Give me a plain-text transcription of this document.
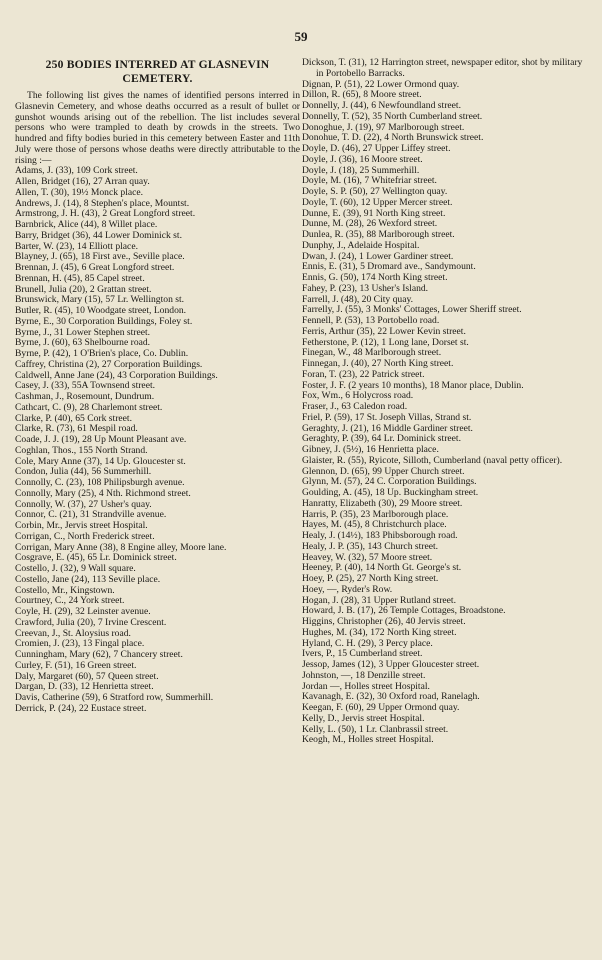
59
250 BODIES INTERRED AT GLASNEVIN CEMETERY.
The following list gives the names of identified persons interred in Glasnevin Cemetery, and whose deaths occurred as a result of bullet or gunshot wounds arising out of the rebellion. The list includes several persons who were trampled to death by crowds in the streets. Two hundred and fifty bodies buried in this cemetery between Easter and 11th July were those of persons whose deaths were directly attributable to the rising :—
Adams, J. (33), 109 Cork street.
Allen, Bridget (16), 27 Arran quay.
Allen, T. (30), 19½ Monck place.
Andrews, J. (14), 8 Stephen's place, Mountst.
Armstrong, J. H. (43), 2 Great Longford street.
Barnbrick, Alice (44), 8 Willet place.
Barry, Bridget (36), 44 Lower Dominick st.
Barter, W. (23), 14 Elliott place.
Blayney, J. (65), 18 First ave., Seville place.
Brennan, J. (45), 6 Great Longford street.
Brennan, H. (45), 85 Capel street.
Brunell, Julia (20), 2 Grattan street.
Brunswick, Mary (15), 57 Lr. Wellington st.
Butler, R. (45), 10 Woodgate street, London.
Byrne, E., 30 Corporation Buildings, Foley st.
Byrne, J., 31 Lower Stephen street.
Byrne, J. (60), 63 Shelbourne road.
Byrne, P. (42), 1 O'Brien's place, Co. Dublin.
Caffrey, Christina (2), 27 Corporation Buildings.
Caldwell, Anne Jane (24), 43 Corporation Buildings.
Casey, J. (33), 55A Townsend street.
Cashman, J., Rosemount, Dundrum.
Cathcart, C. (9), 28 Charlemont street.
Clarke, P. (40), 65 Cork street.
Clarke, R. (73), 61 Mespil road.
Coade, J. J. (19), 28 Up Mount Pleasant ave.
Coghlan, Thos., 155 North Strand.
Cole, Mary Anne (37), 14 Up. Gloucester st.
Condon, Julia (44), 56 Summerhill.
Connolly, C. (23), 108 Philipsburgh avenue.
Connolly, Mary (25), 4 Nth. Richmond street.
Connolly, W. (37), 27 Usher's quay.
Connor, C. (21), 31 Strandville avenue.
Corbin, Mr., Jervis street Hospital.
Corrigan, C., North Frederick street.
Corrigan, Mary Anne (38), 8 Engine alley, Moore lane.
Cosgrave, E. (45), 65 Lr. Dominick street.
Costello, J. (32), 9 Wall square.
Costello, Jane (24), 113 Seville place.
Costello, Mr., Kingstown.
Courtney, C., 24 York street.
Coyle, H. (29), 32 Leinster avenue.
Crawford, Julia (20), 7 Irvine Crescent.
Creevan, J., St. Aloysius road.
Cromien, J. (23), 13 Fingal place.
Cunningham, Mary (62), 7 Chancery street.
Curley, F. (51), 16 Green street.
Daly, Margaret (60), 57 Queen street.
Dargan, D. (33), 12 Henrietta street.
Davis, Catherine (59), 6 Stratford row, Summerhill.
Derrick, P. (24), 22 Eustace street.
Dickson, T. (31), 12 Harrington street, newspaper editor, shot by military in Portobello Barracks.
Dignan, P. (51), 22 Lower Ormond quay.
Dillon, R. (65), 8 Moore street.
Donnelly, J. (44), 6 Newfoundland street.
Donnelly, T. (52), 35 North Cumberland street.
Donoghue, J. (19), 97 Marlborough street.
Donohue, T. D. (22), 4 North Brunswick street.
Doyle, D. (46), 27 Upper Liffey street.
Doyle, J. (36), 16 Moore street.
Doyle, J. (18), 25 Summerhill.
Doyle, M. (16), 7 Whitefriar street.
Doyle, S. P. (50), 27 Wellington quay.
Doyle, T. (60), 12 Upper Mercer street.
Dunne, E. (39), 91 North King street.
Dunne, M. (28), 26 Wexford street.
Dunlea, R. (35), 88 Marlborough street.
Dunphy, J., Adelaide Hospital.
Dwan, J. (24), 1 Lower Gardiner street.
Ennis, E. (31), 5 Dromard ave., Sandymount.
Ennis, G. (50), 174 North King street.
Fahey, P. (23), 13 Usher's Island.
Farrell, J. (48), 20 City quay.
Farrelly, J. (55), 3 Monks' Cottages, Lower Sheriff street.
Fennell, P. (53), 13 Portobello road.
Ferris, Arthur (35), 22 Lower Kevin street.
Fetherstone, P. (12), 1 Long lane, Dorset st.
Finegan, W., 48 Marlborough street.
Finnegan, J. (40), 27 North King street.
Foran, T. (23), 22 Patrick street.
Foster, J. F. (2 years 10 months), 18 Manor place, Dublin.
Fox, Wm., 6 Holycross road.
Fraser, J., 63 Caledon road.
Friel, P. (59), 17 St. Joseph Villas, Strand st.
Geraghty, J. (21), 16 Middle Gardiner street.
Geraghty, P. (39), 64 Lr. Dominick street.
Gibney, J. (5½), 16 Henrietta place.
Glaister, R. (55), Ryicote, Silloth, Cumberland (naval petty officer).
Glennon, D. (65), 99 Upper Church street.
Glynn, M. (57), 24 C. Corporation Buildings.
Goulding, A. (45), 18 Up. Buckingham street.
Hanratty, Elizabeth (30), 29 Moore street.
Harris, P. (35), 23 Marlborough place.
Hayes, M. (45), 8 Christchurch place.
Healy, J. (14½), 183 Phibsborough road.
Healy, J. P. (35), 143 Church street.
Heavey, W. (32), 57 Moore street.
Heeney, P. (40), 14 North Gt. George's st.
Hoey, P. (25), 27 North King street.
Hoey, —, Ryder's Row.
Hogan, J. (28), 31 Upper Rutland street.
Howard, J. B. (17), 26 Temple Cottages, Broadstone.
Higgins, Christopher (26), 40 Jervis street.
Hughes, M. (34), 172 North King street.
Hyland, C. H. (29), 3 Percy place.
Ivers, P., 15 Cumberland street.
Jessop, James (12), 3 Upper Gloucester street.
Johnston, —, 18 Denzille street.
Jordan —, Holles street Hospital.
Kavanagh, E. (32), 30 Oxford road, Ranelagh.
Keegan, F. (60), 29 Upper Ormond quay.
Kelly, D., Jervis street Hospital.
Kelly, L. (50), 1 Lr. Clanbrassil street.
Keogh, M., Holles street Hospital.
